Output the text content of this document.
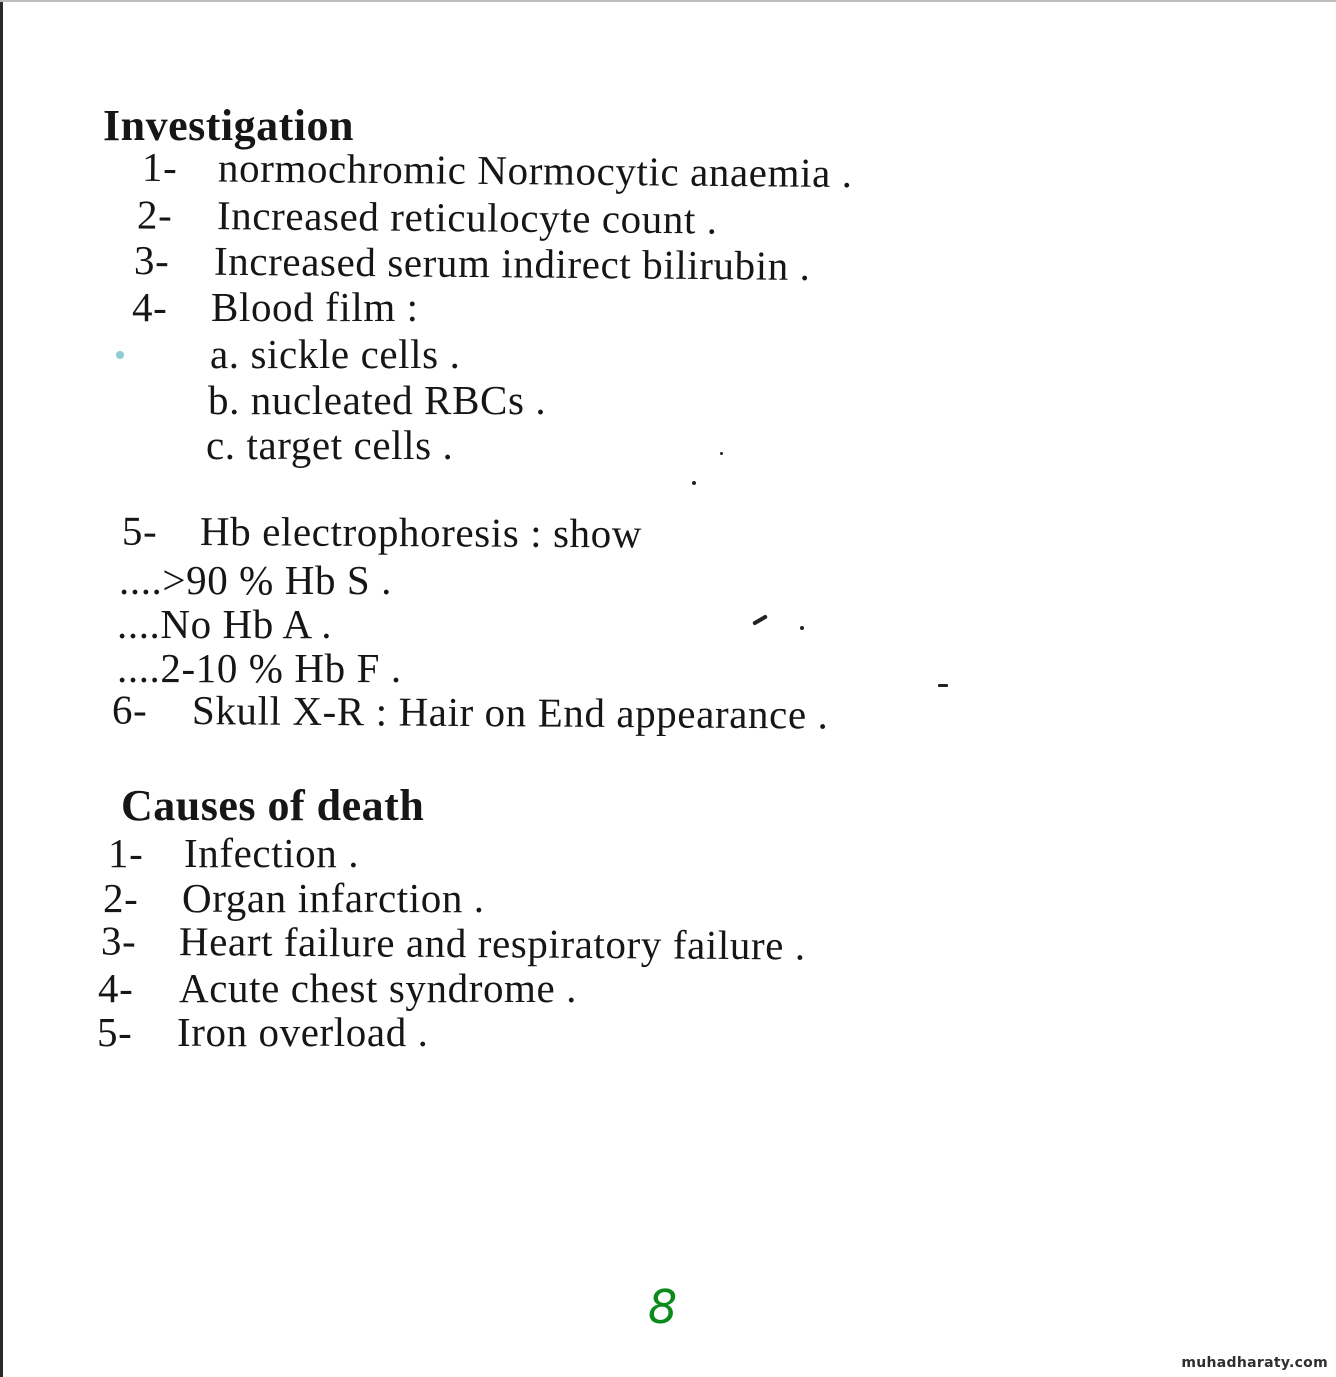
Investigation
1- normochromic Normocytic anaemia .
2- Increased reticulocyte count .
3- Increased serum indirect bilirubin .
4- Blood film :
a. sickle cells .
b. nucleated RBCs .
c. target cells .
5- Hb electrophoresis : show
....>90 % Hb S .
....No Hb A .
....2-10 % Hb F .
6- Skull X-R : Hair on End appearance .
Causes of death
1- Infection .
2- Organ infarction .
3- Heart failure and respiratory failure .
4- Acute chest syndrome .
5- Iron overload .
8
muhadharaty.com
